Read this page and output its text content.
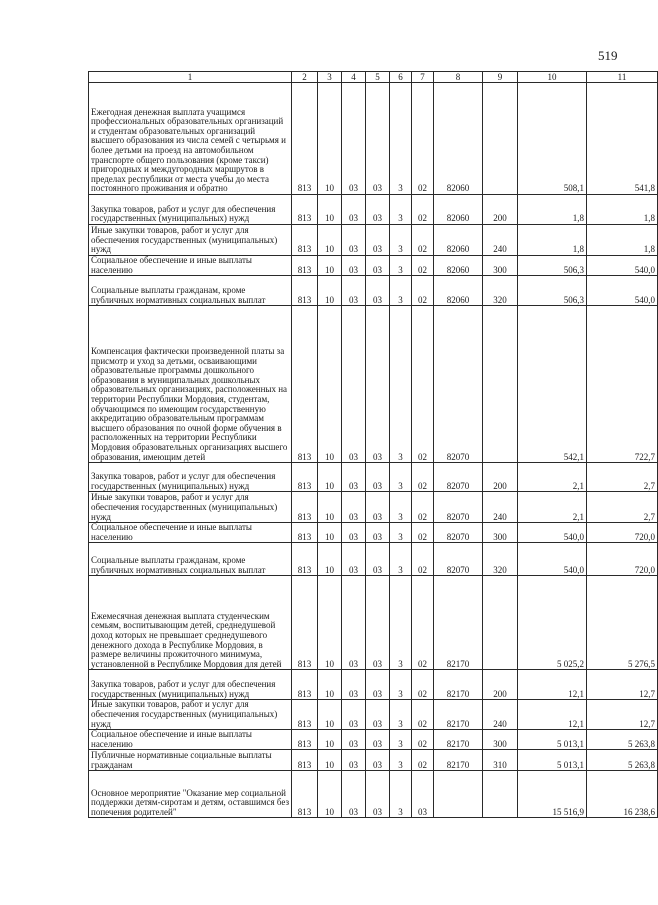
519
1	2	3	4	5	6	7	8	9	10	11
Ежегодная денежная выплата учащимся профессиональных образовательных организаций и студентам образовательных организаций высшего образования из числа семей с четырьмя и более детьми на проезд на автомобильном транспорте общего пользования (кроме такси) пригородных и междугородных маршрутов в пределах республики от места учебы до места постоянного проживания и обратно	813	10	03	03	3	02	82060		508,1	541,8
Закупка товаров, работ и услуг для обеспечения государственных (муниципальных) нужд	813	10	03	03	3	02	82060	200	1,8	1,8
Иные закупки товаров, работ и услуг для обеспечения государственных (муниципальных) нужд	813	10	03	03	3	02	82060	240	1,8	1,8
Социальное обеспечение и иные выплаты населению	813	10	03	03	3	02	82060	300	506,3	540,0
Социальные выплаты гражданам, кроме публичных нормативных социальных выплат	813	10	03	03	3	02	82060	320	506,3	540,0
Компенсация фактически произведенной платы за присмотр и уход за детьми, осваивающими образовательные программы дошкольного образования в муниципальных дошкольных образовательных организациях, расположенных на территории Республики Мордовия, студентам, обучающимся по имеющим государственную аккредитацию образовательным программам высшего образования по очной форме обучения в расположенных на территории Республики Мордовия образовательных организациях высшего образования, имеющим детей	813	10	03	03	3	02	82070		542,1	722,7
Закупка товаров, работ и услуг для обеспечения государственных (муниципальных) нужд	813	10	03	03	3	02	82070	200	2,1	2,7
Иные закупки товаров, работ и услуг для обеспечения государственных (муниципальных) нужд	813	10	03	03	3	02	82070	240	2,1	2,7
Социальное обеспечение и иные выплаты населению	813	10	03	03	3	02	82070	300	540,0	720,0
Социальные выплаты гражданам, кроме публичных нормативных социальных выплат	813	10	03	03	3	02	82070	320	540,0	720,0
Ежемесячная денежная выплата студенческим семьям, воспитывающим детей, среднедушевой доход которых не превышает среднедушевого денежного дохода в Республике Мордовия, в размере величины прожиточного минимума, установленной в Республике Мордовия для детей	813	10	03	03	3	02	82170		5 025,2	5 276,5
Закупка товаров, работ и услуг для обеспечения государственных (муниципальных) нужд	813	10	03	03	3	02	82170	200	12,1	12,7
Иные закупки товаров, работ и услуг для обеспечения государственных (муниципальных) нужд	813	10	03	03	3	02	82170	240	12,1	12,7
Социальное обеспечение и иные выплаты населению	813	10	03	03	3	02	82170	300	5 013,1	5 263,8
Публичные нормативные социальные выплаты гражданам	813	10	03	03	3	02	82170	310	5 013,1	5 263,8
Основное мероприятие "Оказание мер социальной поддержки детям-сиротам и детям, оставшимся без попечения родителей"	813	10	03	03	3	03			15 516,9	16 238,6
